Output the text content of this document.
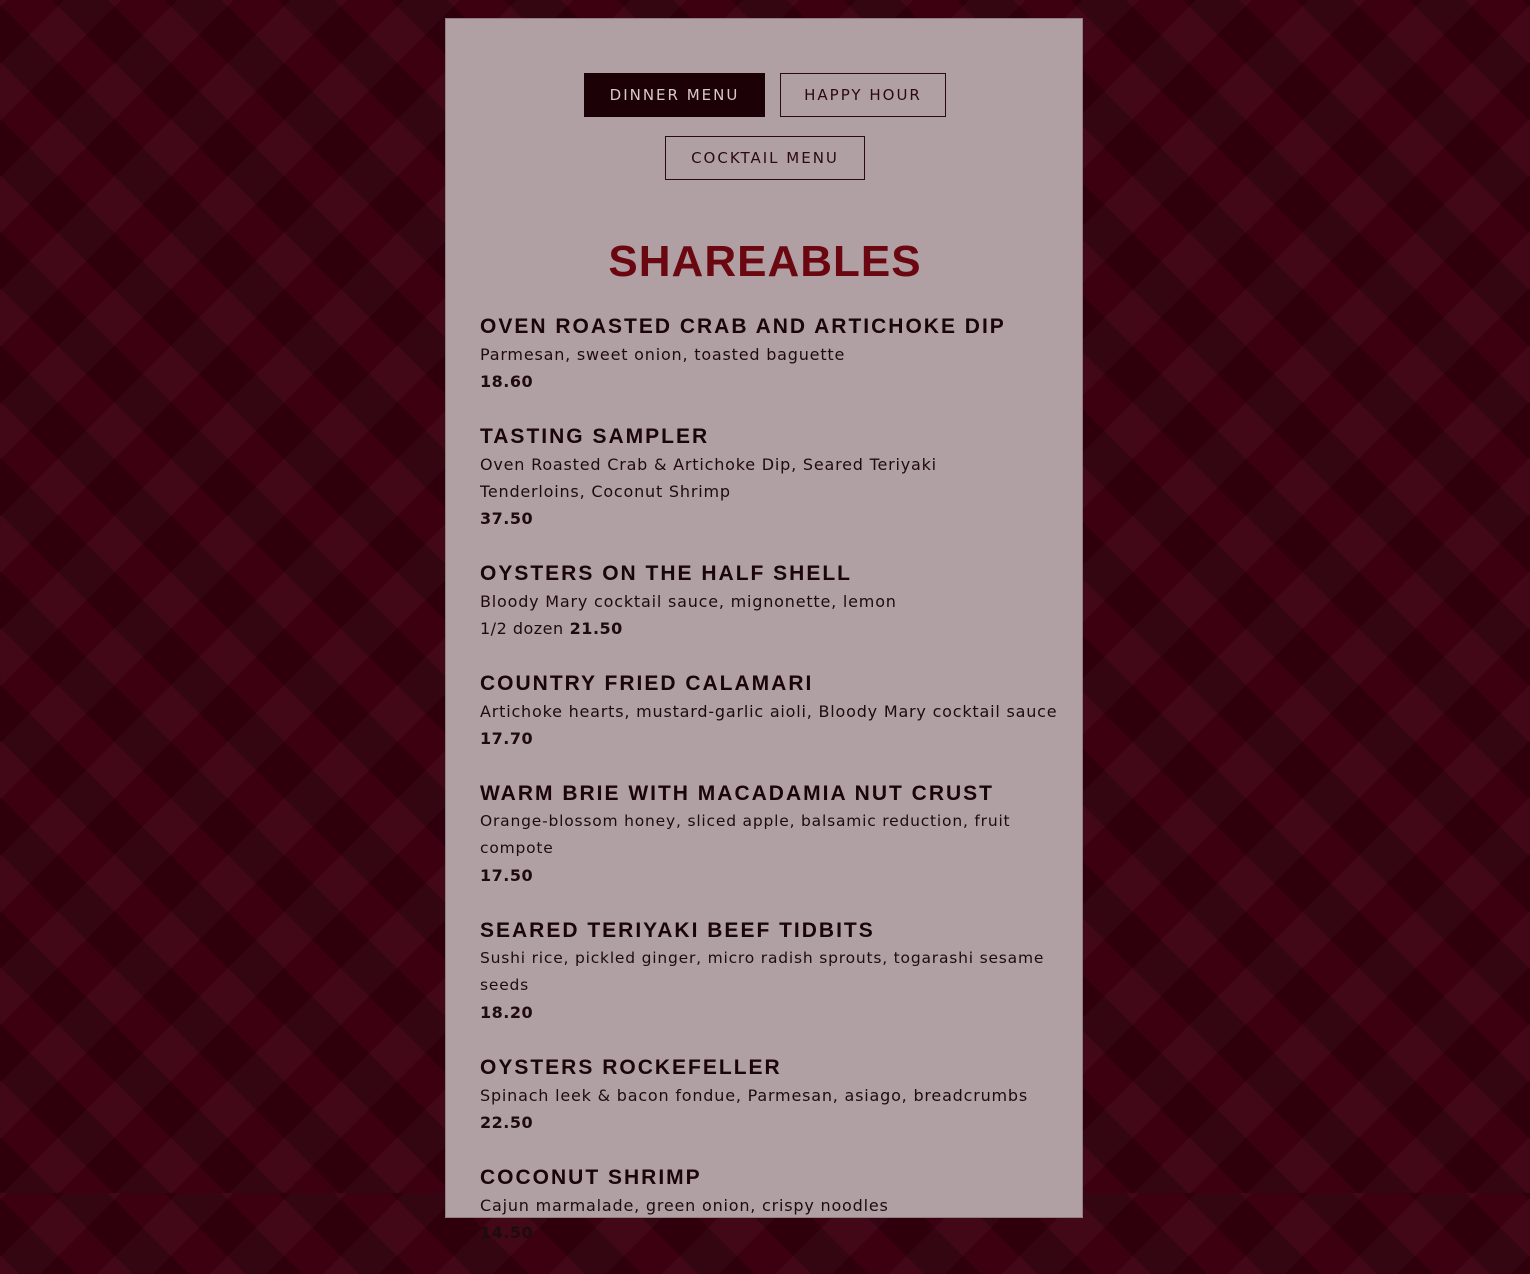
DINNER MENU	HAPPY HOUR
COCKTAIL MENU
SHAREABLES

OVEN ROASTED CRAB AND ARTICHOKE DIP

Parmesan, sweet onion, toasted baguette

18.60

TASTING SAMPLER

Oven Roasted Crab & Artichoke Dip, Seared Teriyaki Tenderloins, Coconut Shrimp

37.50

OYSTERS ON THE HALF SHELL

Bloody Mary cocktail sauce, mignonette, lemon

1/2 dozen 21.50

COUNTRY FRIED CALAMARI

Artichoke hearts, mustard-garlic aioli, Bloody Mary cocktail sauce

17.70

WARM BRIE WITH MACADAMIA NUT CRUST

Orange-blossom honey, sliced apple, balsamic reduction, fruit compote

17.50

SEARED TERIYAKI BEEF TIDBITS

Sushi rice, pickled ginger, micro radish sprouts, togarashi sesame seeds

18.20

OYSTERS ROCKEFELLER

Spinach leek & bacon fondue, Parmesan, asiago, breadcrumbs

22.50

COCONUT SHRIMP

Cajun marmalade, green onion, crispy noodles

14.50
